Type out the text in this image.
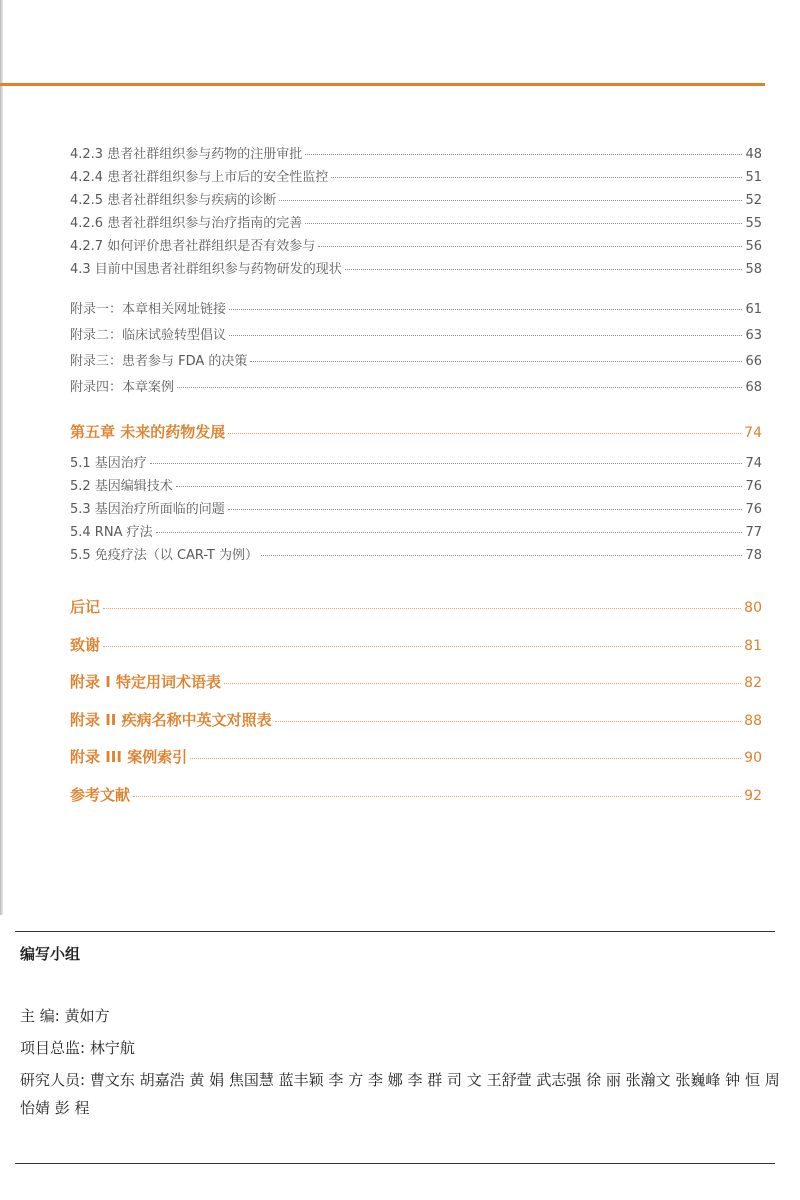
4.2.3 患者社群组织参与药物的注册审批	48
4.2.4 患者社群组织参与上市后的安全性监控	51
4.2.5 患者社群组织参与疾病的诊断	52
4.2.6 患者社群组织参与治疗指南的完善	55
4.2.7 如何评价患者社群组织是否有效参与	56
4.3 目前中国患者社群组织参与药物研发的现状	58
附录一：本章相关网址链接	61
附录二：临床试验转型倡议	63
附录三：患者参与 FDA 的决策	66
附录四：本章案例	68
第五章 未来的药物发展	74
5.1 基因治疗	74
5.2 基因编辑技术	76
5.3 基因治疗所面临的问题	76
5.4 RNA 疗法	77
5.5 免疫疗法（以 CAR-T 为例）	78
后记	80
致谢	81
附录 I 特定用词术语表	82
附录 II 疾病名称中英文对照表	88
附录 III 案例索引	90
参考文献	92
编写小组
主 编: 黄如方
项目总监: 林宁航
研究人员: 曹文东 胡嘉浩 黄 娟 焦国慧 蓝丰颖 李 方 李 娜 李 群 司 文 王舒萱 武志强 徐 丽 张瀚文 张巍峰 钟 恒 周怡婧 彭 程
